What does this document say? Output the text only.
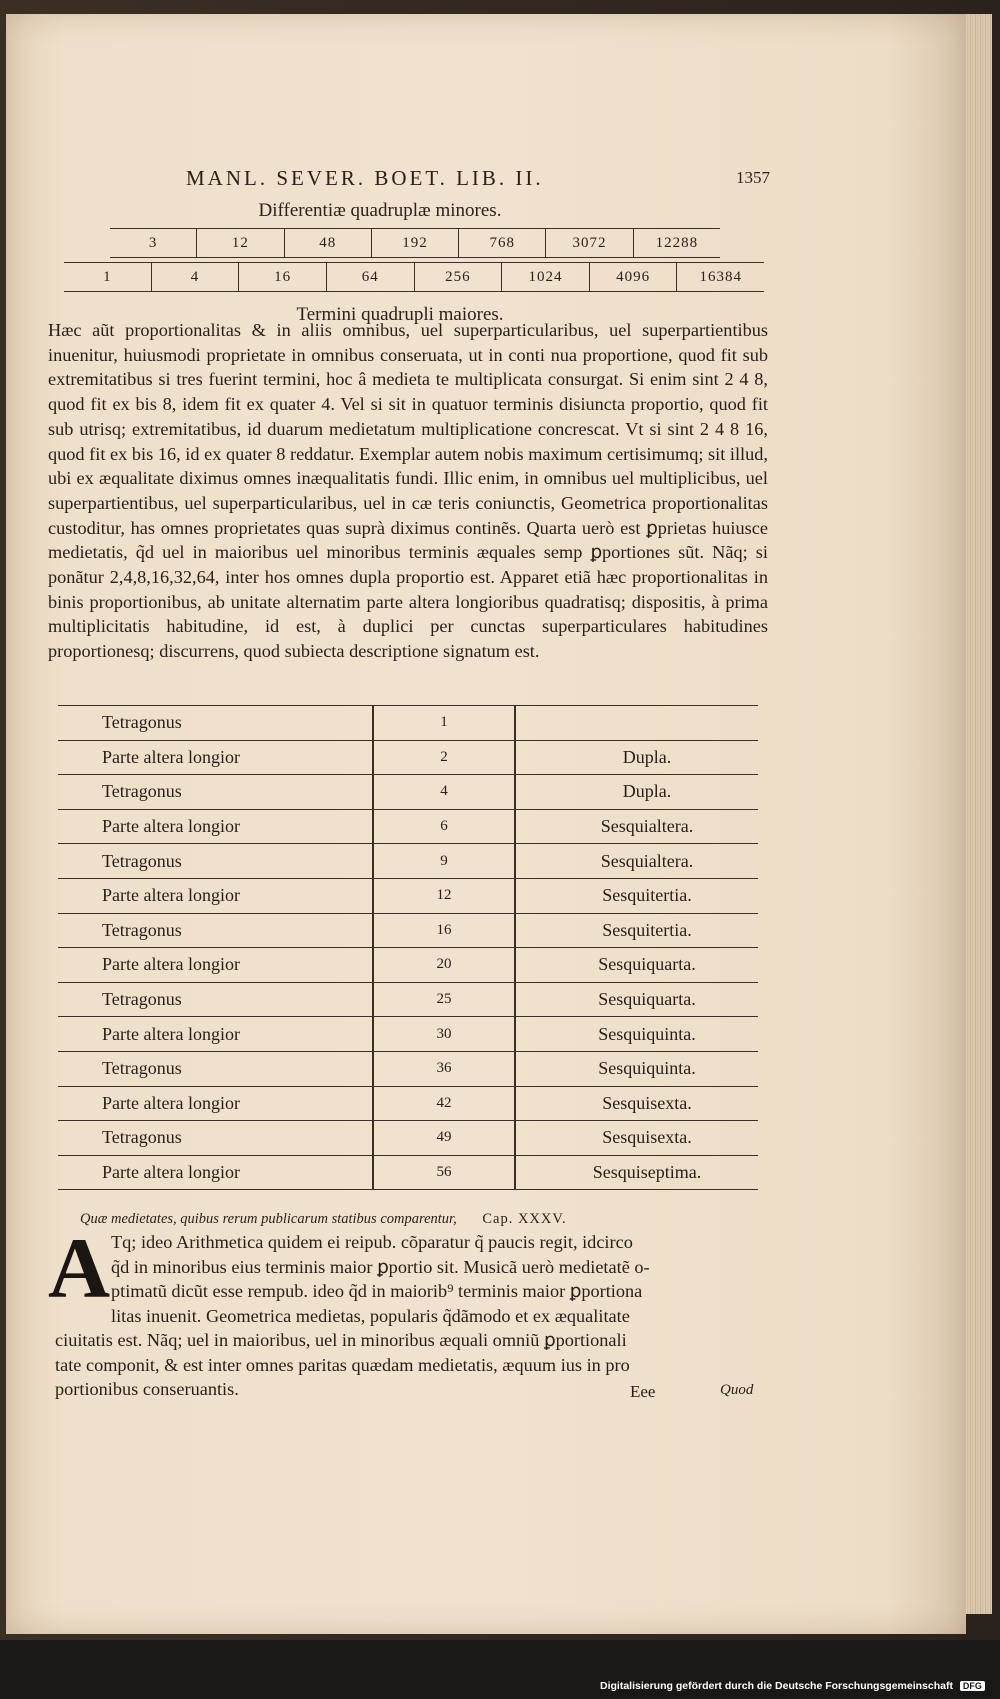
MANL. SEVER. BOET. LIB. II.	1357
Differentiæ quadruplæ minores.
3	12	48	192	768	3072	12288
1	4	16	64	256	1024	4096	16384
Termini quadrupli maiores.
Hæc aũt proportionalitas & in aliis omnibus, uel superparticularibus, uel superpartientibus inuenitur, huiusmodi proprietate in omnibus conseruata, ut in conti nua proportione, quod fit sub extremitatibus si tres fuerint termini, hoc â medieta te multiplicata consurgat. Si enim sint 2 4 8, quod fit ex bis 8, idem fit ex quater 4. Vel si sit in quatuor terminis disiuncta proportio, quod fit sub utrisq; extremitatibus, id duarum medietatum multiplicatione concrescat. Vt si sint 2 4 8 16, quod fit ex bis 16, id ex quater 8 reddatur. Exemplar autem nobis maximum certisimumq; sit illud, ubi ex æqualitate diximus omnes inæqualitatis fundi. Illic enim, in omnibus uel multiplicibus, uel superpartientibus, uel superparticularibus, uel in cæ teris coniunctis, Geometrica proportionalitas custoditur, has omnes proprietates quas suprà diximus continẽs. Quarta uerò est ꝑprietas huiusce medietatis, q̃d uel in maioribus uel minoribus terminis æquales semp ꝑportiones sũt. Nãq; si ponãtur 2,4,8,16,32,64, inter hos omnes dupla proportio est. Apparet etiã hæc proportionalitas in binis proportionibus, ab unitate alternatim parte altera longioribus quadratisq; dispositis, à prima multiplicitatis habitudine, id est, à duplici per cunctas superparticulares habitudines proportionesq; discurrens, quod subiecta descriptione signatum est.
Tetragonus	1	
Parte altera longior	2	Dupla.
Tetragonus	4	Dupla.
Parte altera longior	6	Sesquialtera.
Tetragonus	9	Sesquialtera.
Parte altera longior	12	Sesquitertia.
Tetragonus	16	Sesquitertia.
Parte altera longior	20	Sesquiquarta.
Tetragonus	25	Sesquiquarta.
Parte altera longior	30	Sesquiquinta.
Tetragonus	36	Sesquiquinta.
Parte altera longior	42	Sesquisexta.
Tetragonus	49	Sesquisexta.
Parte altera longior	56	Sesquiseptima.
Quæ medietates, quibus rerum publicarum statibus comparentur, Cap. XXXV.
A Tq; ideo Arithmetica quidem ei reipub. cõparatur q̃ paucis regit, idcirco
q̃d in minoribus eius terminis maior ꝑportio sit. Musicã uerò medietatẽ o-
ptimatũ dicũt esse rempub. ideo q̃d in maiorib⁹ terminis maior ꝑportiona
litas inuenit. Geometrica medietas, popularis q̃dãmodo et ex æqualitate
ciuitatis est. Nãq; uel in maioribus, uel in minoribus æquali omniũ ꝑportionali
tate componit, & est inter omnes paritas quædam medietatis, æquum ius in pro
portionibus conseruantis.	Eee	Quod
Digitalisierung gefördert durch die Deutsche Forschungsgemeinschaft DFG
